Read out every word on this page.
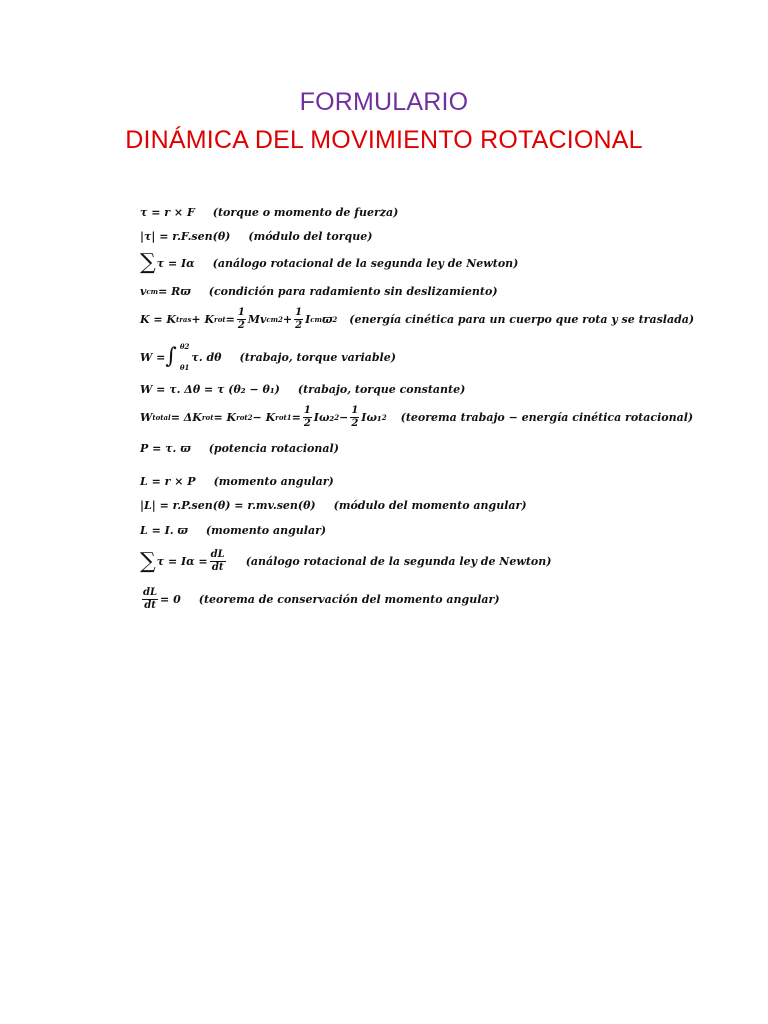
FORMULARIO
DINÁMICA DEL MOVIMIENTO ROTACIONAL
τ = r × F (torque o momento de fuerza)
|τ| = r.F.sen(θ) (módulo del torque)
∑ τ = Iα (análogo rotacional de la segunda ley de Newton)
v cm = Rϖ (condición para radamiento sin deslizamiento)
K = K tras + K rot = $\frac{1}{2}$ Mv cm $2 + \frac{1}{2}$ I cm ϖ 2 (energía cinética para un cuerpo que rota y se traslada)
W = ∫ θ2
θ1
τ. dθ (trabajo, torque variable)
W = τ. Δθ = τ (θ₂ − θ₁) (trabajo, torque constante)
W total = ΔK rot = K rot2 − K $rot1 = \frac{1}{2} I\omega_2$ $2 - \frac{1}{2} I\omega_1$ 2 (teorema trabajo − energía cinética rotacional)
P = τ. ϖ (potencia rotacional)
L = r × P (momento angular)
|L| = r.P.sen(θ) = r.mv.sen(θ) (módulo del momento angular)
L = I. ϖ (momento angular)
∑ $\tau = I\alpha = \frac{dL}{dt}$ (análogo rotacional de la segunda ley de Newton)
$\frac{dL}{dt} = 0$ (teorema de conservación del momento angular)
